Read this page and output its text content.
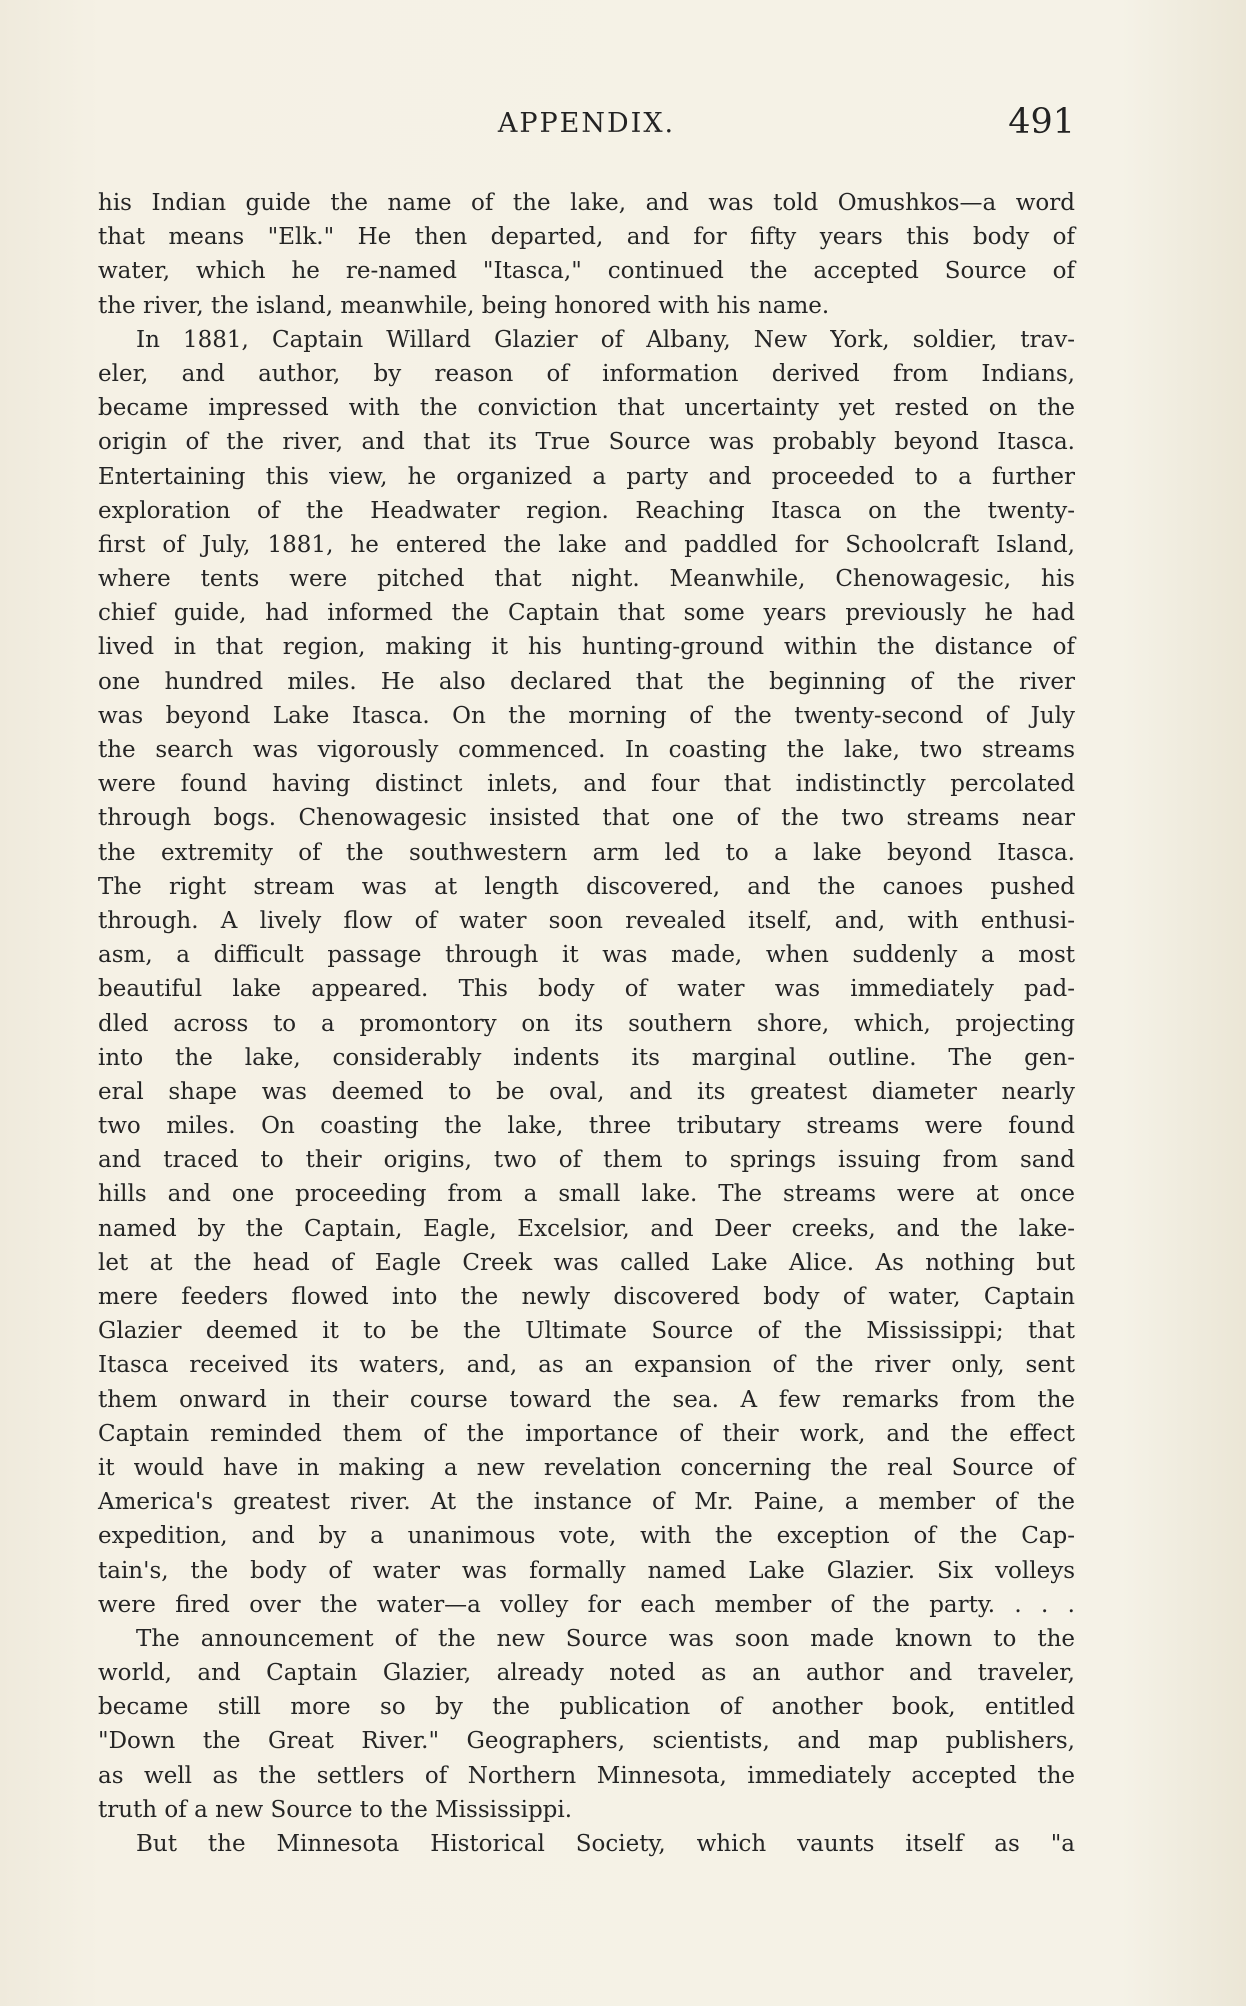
APPENDIX.	491
his Indian guide the name of the lake, and was told Omushkos—a word
that means "Elk." He then departed, and for fifty years this body of
water, which he re-named "Itasca," continued the accepted Source of
the river, the island, meanwhile, being honored with his name.
In 1881, Captain Willard Glazier of Albany, New York, soldier, trav-
eler, and author, by reason of information derived from Indians,
became impressed with the conviction that uncertainty yet rested on the
origin of the river, and that its True Source was probably beyond Itasca.
Entertaining this view, he organized a party and proceeded to a further
exploration of the Headwater region. Reaching Itasca on the twenty-
first of July, 1881, he entered the lake and paddled for Schoolcraft Island,
where tents were pitched that night. Meanwhile, Chenowagesic, his
chief guide, had informed the Captain that some years previously he had
lived in that region, making it his hunting-ground within the distance of
one hundred miles. He also declared that the beginning of the river
was beyond Lake Itasca. On the morning of the twenty-second of July
the search was vigorously commenced. In coasting the lake, two streams
were found having distinct inlets, and four that indistinctly percolated
through bogs. Chenowagesic insisted that one of the two streams near
the extremity of the southwestern arm led to a lake beyond Itasca.
The right stream was at length discovered, and the canoes pushed
through. A lively flow of water soon revealed itself, and, with enthusi-
asm, a difficult passage through it was made, when suddenly a most
beautiful lake appeared. This body of water was immediately pad-
dled across to a promontory on its southern shore, which, projecting
into the lake, considerably indents its marginal outline. The gen-
eral shape was deemed to be oval, and its greatest diameter nearly
two miles. On coasting the lake, three tributary streams were found
and traced to their origins, two of them to springs issuing from sand
hills and one proceeding from a small lake. The streams were at once
named by the Captain, Eagle, Excelsior, and Deer creeks, and the lake-
let at the head of Eagle Creek was called Lake Alice. As nothing but
mere feeders flowed into the newly discovered body of water, Captain
Glazier deemed it to be the Ultimate Source of the Mississippi; that
Itasca received its waters, and, as an expansion of the river only, sent
them onward in their course toward the sea. A few remarks from the
Captain reminded them of the importance of their work, and the effect
it would have in making a new revelation concerning the real Source of
America's greatest river. At the instance of Mr. Paine, a member of the
expedition, and by a unanimous vote, with the exception of the Cap-
tain's, the body of water was formally named Lake Glazier. Six volleys
were fired over the water—a volley for each member of the party. . . .
The announcement of the new Source was soon made known to the
world, and Captain Glazier, already noted as an author and traveler,
became still more so by the publication of another book, entitled
"Down the Great River." Geographers, scientists, and map publishers,
as well as the settlers of Northern Minnesota, immediately accepted the
truth of a new Source to the Mississippi.
But the Minnesota Historical Society, which vaunts itself as "a
